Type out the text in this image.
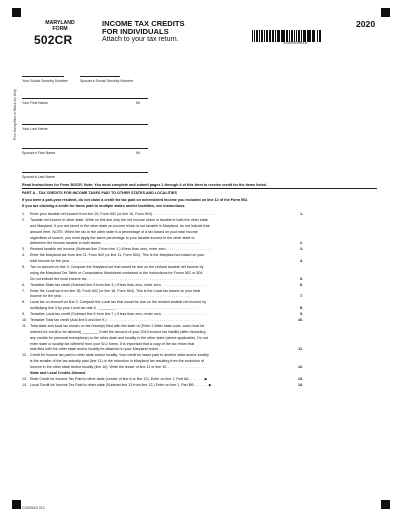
MARYLAND
FORM
502CR
INCOME TAX CREDITS
FOR INDIVIDUALS
Attach to your tax return.
20502CR049
2020
Print Using Blue or Black Ink Only
Your Social Security Number	Spouse's Social Security Number
Your First Name	MI
Your Last Name
Spouse's First Name	MI
Spouse's Last Name
Read Instructions for Form 502CR. Note: You must complete and submit pages 1 through 4 of this form to receive credit for the items listed.
PART A - TAX CREDITS FOR INCOME TAXES PAID TO OTHER STATES AND LOCALITIES
If you were a part-year resident, do not claim a credit for tax paid on nonresident income you included on line 12 of the Form 502.
If you are claiming a credit for taxes paid to multiple states and/or localities, see instructions.
1. Enter your taxable net income from line 20, Form 502 (or line 10, Form 504) . . . . . . . . . . . . . . . . . . . . . . . . . . . . . . . .	1.
2. Taxable net income in other state. Write on this line only the net income which is taxable in both the other state
and Maryland. If you are taxed in the other state on income which is not taxable in Maryland, do not include that
amount here. NOTE: When the tax in the other state is a percentage of a tax based on your total income
regardless of source, you must apply the same percentage to your taxable income in the other state to
determine the income taxable in both states. . . . . . . . . . . . . . . . . . . . . . . . . . . . . . . . . . . . . . . . . . . . . . . . .	2.
3. Revised taxable net income (Subtract line 2 from line 1.) If less than zero, enter zero. . . . . . . . . . . . . . . . . . . . . . .	3.
4. Enter the Maryland tax from line 21, Form 502 (or line 11, Form 504). This is the Maryland tax based on your
total income for the year. . . . . . . . . . . . . . . . . . . . . . . . . . . . . . . . . . . . . . . . . . . . . . . . . . . . . . . . . . . . . .	4.
5. Tax on amount on line 3. Compute the Maryland tax that would be due on the revised taxable net income by
using the Maryland Tax Table or Computation Worksheet contained in the instructions for Forms 502 or 504.
Do not include the local income tax . . . . . . . . . . . . . . . . . . . . . . . . . . . . . . . . . . . . . . . . . . . . . . . . . . . . .	5.
6. Tentative State tax credit (Subtract line 5 from line 4.) If less than zero, enter zero. . . . . . . . . . . . . . . . . . . . . . .	6.
7. Enter the Local tax from line 28, Form 502 (or line 18, Form 504). This is the Local tax based on your total
income for the year. . . . . . . . . . . . . . . . . . . . . . . . . . . . . . . . . . . . . . . . . . . . . . . . . . . . . . . . . . . . . . . . .	7.
8. Local tax on amount on line 3. Compute the Local tax that would be due on the revised taxable net income by
multiplying line 3 by your Local tax rate 0 . ________ . . . . . . . . . . . . . . . . . . . . . . . . . . . . . . . . . . . . . . . .	8.
9. Tentative Local tax credit (Subtract line 8 from line 7.) If less than zero, enter zero . . . . . . . . . . . . . . . . . . . . . .	9.
10. Tentative Total tax credit (Add line 6 and line 9.) . . . . . . . . . . . . . . . . . . . . . . . . . . . . . . . . . . . . . . . . . . . . .	10.
11. Total state and local tax shown on tax return(s) filed with the state of (Enter 2-letter state code, code must be
entered for credit to be allowed) ________ Enter the amount of your 2020 income tax liability (after deducting
any credits for personal exemptions) to the other state and locality in the other state (where applicable). Do not
enter state or locality tax withheld from your W-2 forms. It is important that a copy of the tax return that
was filed with the other state and/or locality be attached to your Maryland return. . . . . . . . . . . . . .	11.
12. Credit for income tax paid to other state and/or locality. Your credit for taxes paid to another state and/or locality
is the smaller of the tax actually paid (line 11) or the reduction in Maryland tax resulting from the exclusion of
income in the other state and/or locality (line 10). Write the lesser of line 11 or line 10. . . . . . . . . . . . . . . . . . . .	12.
State and Local Credits Allowed
13. State Credit for Income Tax Paid to other state (Lesser of line 6 or line 12). Enter on line 1, Part AA. . . . . . . . ▶	13.
14. Local Credit for Income Tax Paid to other state (Subtract line 13 from line 12.) Enter on line 1, Part BB . . . . . . . ▶	14.
COM/RAD 012
